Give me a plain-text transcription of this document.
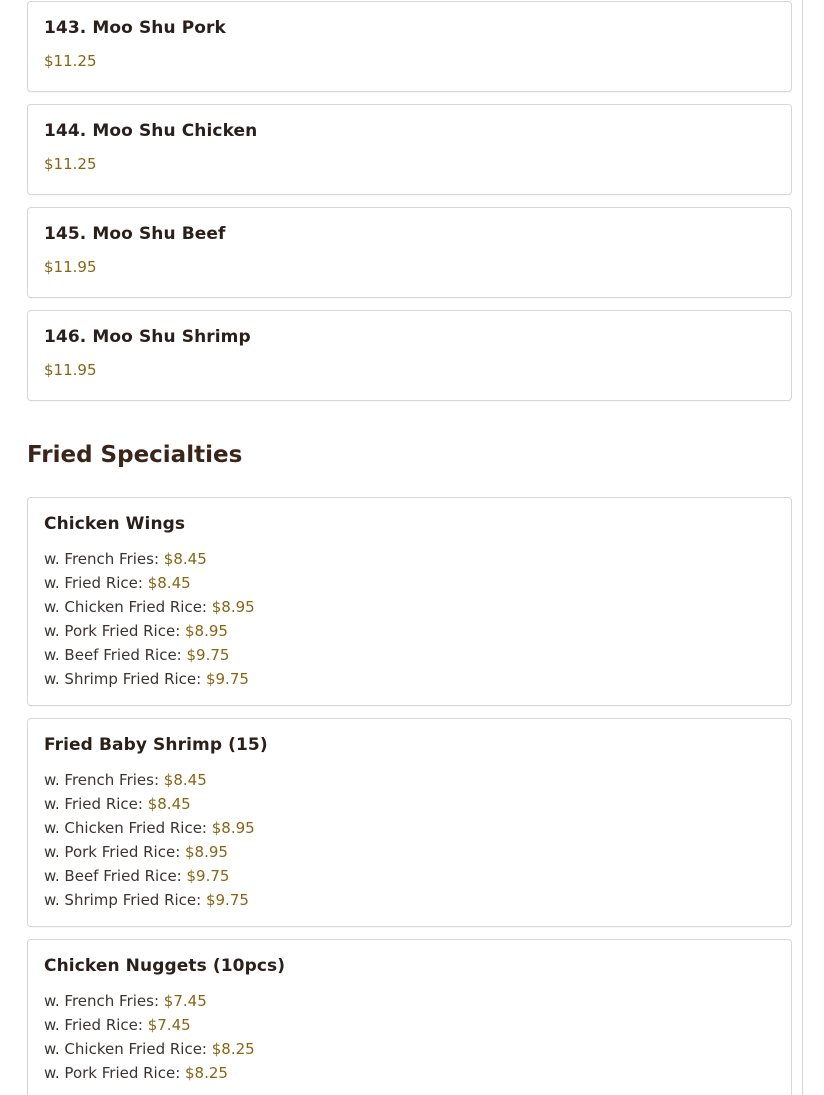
143. Moo Shu Pork
$11.25
144. Moo Shu Chicken
$11.25
145. Moo Shu Beef
$11.95
146. Moo Shu Shrimp
$11.95
Fried Specialties
Chicken Wings
w. French Fries: $8.45
w. Fried Rice: $8.45
w. Chicken Fried Rice: $8.95
w. Pork Fried Rice: $8.95
w. Beef Fried Rice: $9.75
w. Shrimp Fried Rice: $9.75
Fried Baby Shrimp (15)
w. French Fries: $8.45
w. Fried Rice: $8.45
w. Chicken Fried Rice: $8.95
w. Pork Fried Rice: $8.95
w. Beef Fried Rice: $9.75
w. Shrimp Fried Rice: $9.75
Chicken Nuggets (10pcs)
w. French Fries: $7.45
w. Fried Rice: $7.45
w. Chicken Fried Rice: $8.25
w. Pork Fried Rice: $8.25
